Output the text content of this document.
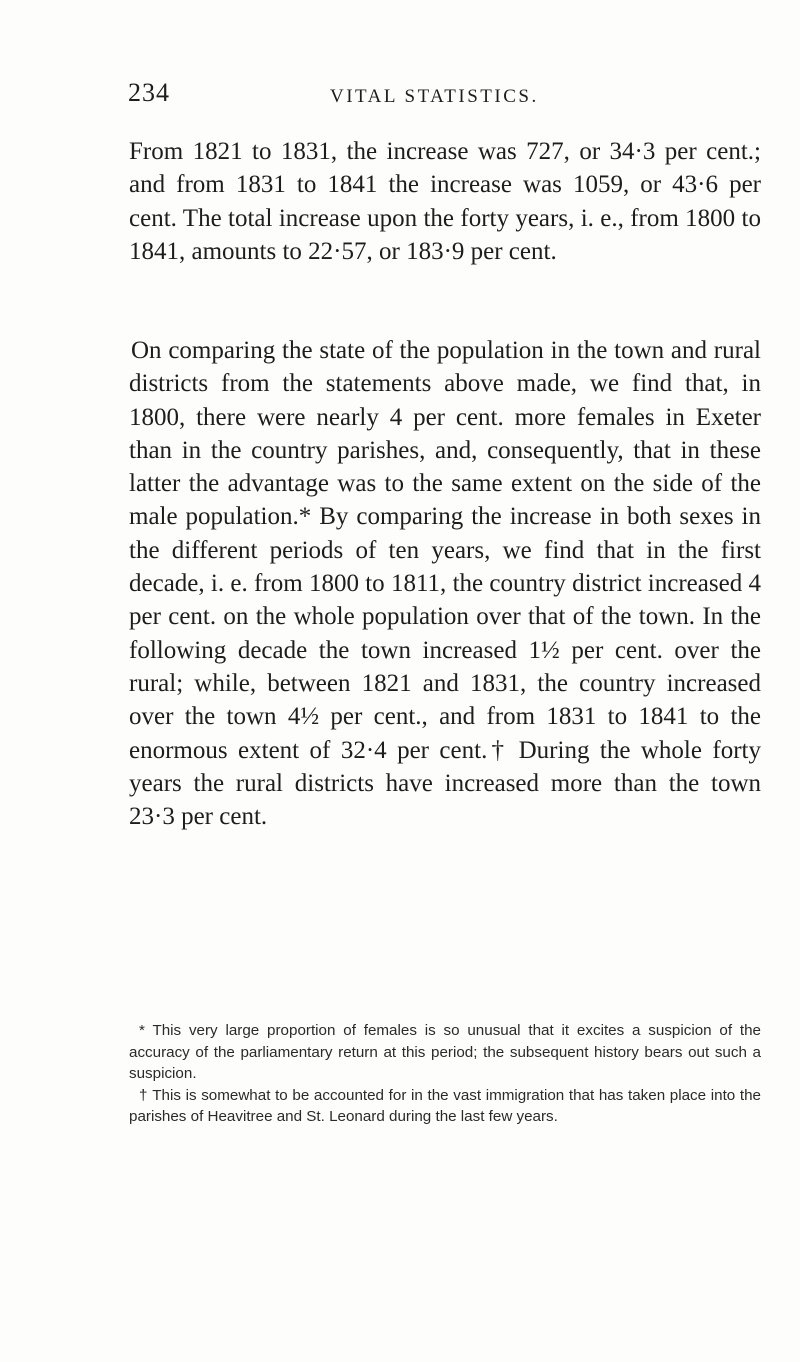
234	VITAL STATISTICS.

From 1821 to 1831, the increase was 727, or 34·3 per cent.; and from 1831 to 1841 the increase was 1059, or 43·6 per cent. The total increase upon the forty years, i. e., from 1800 to 1841, amounts to 22·57, or 183·9 per cent.

On comparing the state of the population in the town and rural districts from the statements above made, we find that, in 1800, there were nearly 4 per cent. more females in Exeter than in the country parishes, and, consequently, that in these latter the advantage was to the same extent on the side of the male population.* By comparing the increase in both sexes in the different periods of ten years, we find that in the first decade, i. e. from 1800 to 1811, the country district increased 4 per cent. on the whole population over that of the town. In the following decade the town increased 1½ per cent. over the rural; while, between 1821 and 1831, the country increased over the town 4½ per cent., and from 1831 to 1841 to the enormous extent of 32·4 per cent.† During the whole forty years the rural districts have increased more than the town 23·3 per cent.

* This very large proportion of females is so unusual that it excites a suspicion of the accuracy of the parliamentary return at this period; the subsequent history bears out such a suspicion.

† This is somewhat to be accounted for in the vast immigration that has taken place into the parishes of Heavitree and St. Leonard during the last few years.
